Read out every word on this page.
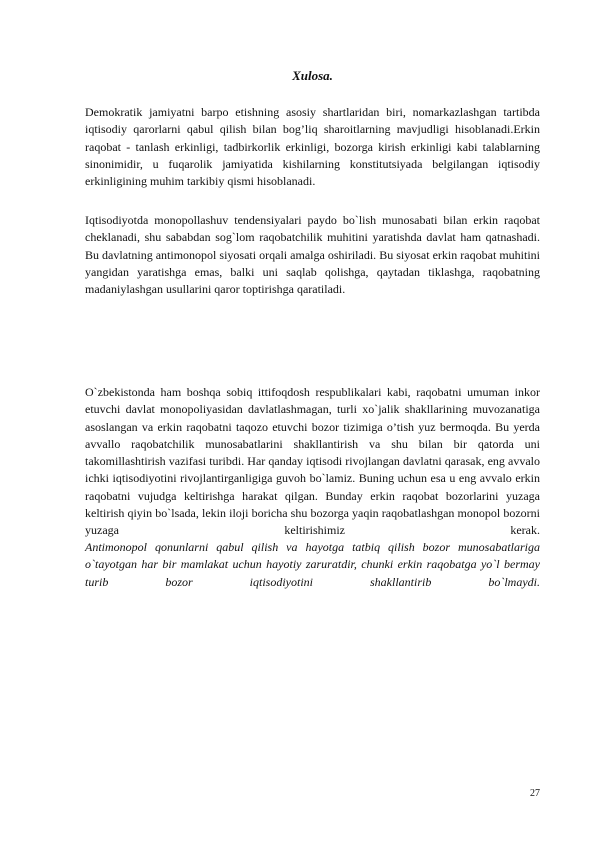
Xulosa.

Demokratik jamiyatni barpo etishning asosiy shartlaridan biri, nomarkazlashgan tartibda iqtisodiy qarorlarni qabul qilish bilan bog’liq sharoitlarning mavjudligi hisoblanadi.Erkin raqobat - tanlash erkinligi, tadbirkorlik erkinligi, bozorga kirish erkinligi kabi talablarning sinonimidir, u fuqarolik jamiyatida kishilarning konstitutsiyada belgilangan iqtisodiy erkinligining muhim tarkibiy qismi hisoblanadi.

Iqtisodiyotda monopollashuv tendensiyalari paydo bo`lish munosabati bilan erkin raqobat cheklanadi, shu sababdan sog`lom raqobatchilik muhitini yaratishda davlat ham qatnashadi. Bu davlatning antimonopol siyosati orqali amalga oshiriladi. Bu siyosat erkin raqobat muhitini yangidan yaratishga emas, balki uni saqlab qolishga, qaytadan tiklashga, raqobatning madaniylashgan usullarini qaror toptirishga qaratiladi.

O`zbekistonda ham boshqa sobiq ittifoqdosh respublikalari kabi, raqobatni umuman inkor etuvchi davlat monopoliyasidan davlatlashmagan, turli xo`jalik shakllarining muvozanatiga asoslangan va erkin raqobatni taqozo etuvchi bozor tizimiga o’tish yuz bermoqda. Bu yerda avvallo raqobatchilik munosabatlarini shakllantirish va shu bilan bir qatorda uni takomillashtirish vazifasi turibdi. Har qanday iqtisodi rivojlangan davlatni qarasak, eng avvalo ichki iqtisodiyotini rivojlantirganligiga guvoh bo`lamiz. Buning uchun esa u eng avvalo erkin raqobatni vujudga keltirishga harakat qilgan. Bunday erkin raqobat bozorlarini yuzaga keltirish qiyin bo`lsada, lekin iloji boricha shu bozorga yaqin raqobatlashgan monopol bozorni yuzaga keltirishimiz kerak.

Antimonopol qonunlarni qabul qilish va hayotga tatbiq qilish bozor munosabatlariga o`tayotgan har bir mamlakat uchun hayotiy zaruratdir, chunki erkin raqobatga yo`l bermay turib bozor iqtisodiyotini shakllantirib bo`lmaydi.

27
